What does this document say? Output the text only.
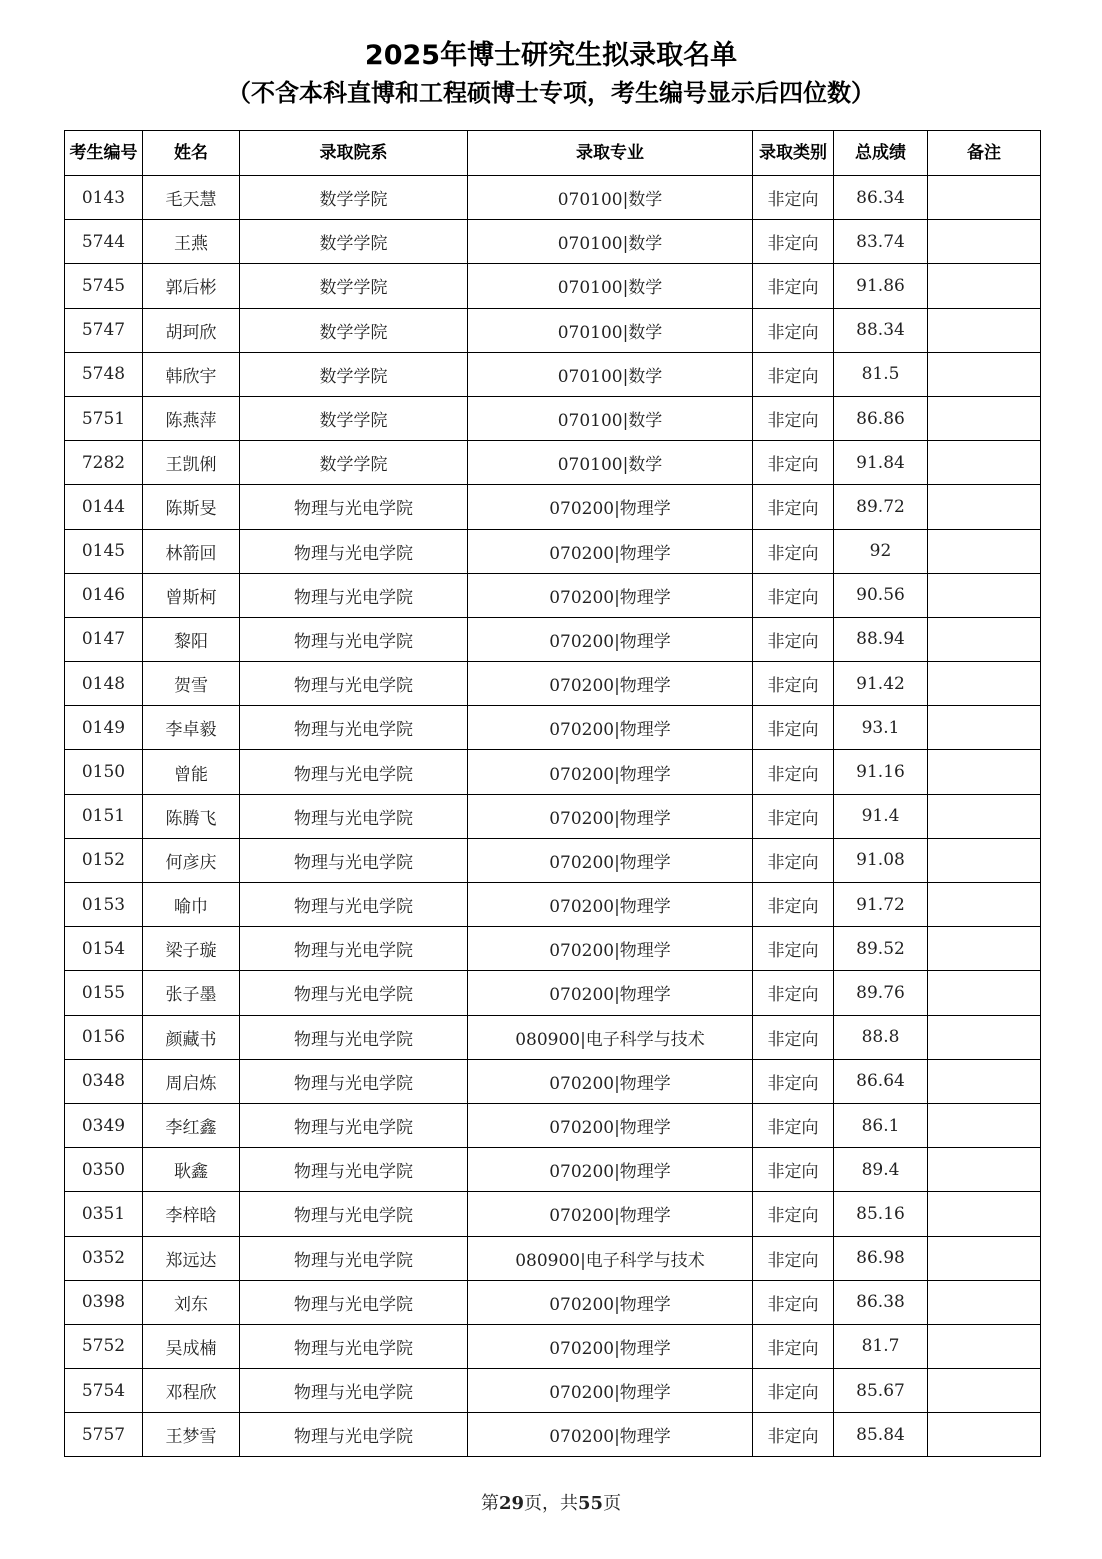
2025年博士研究生拟录取名单
（不含本科直博和工程硕博士专项，考生编号显示后四位数）
考生编号	姓名	录取院系	录取专业	录取类别	总成绩	备注
0143	毛天慧	数学学院	070100|数学	非定向	86.34	
5744	王燕	数学学院	070100|数学	非定向	83.74	
5745	郭后彬	数学学院	070100|数学	非定向	91.86	
5747	胡珂欣	数学学院	070100|数学	非定向	88.34	
5748	韩欣宇	数学学院	070100|数学	非定向	81.5	
5751	陈燕萍	数学学院	070100|数学	非定向	86.86	
7282	王凯俐	数学学院	070100|数学	非定向	91.84	
0144	陈斯旻	物理与光电学院	070200|物理学	非定向	89.72	
0145	林箭回	物理与光电学院	070200|物理学	非定向	92	
0146	曾斯柯	物理与光电学院	070200|物理学	非定向	90.56	
0147	黎阳	物理与光电学院	070200|物理学	非定向	88.94	
0148	贺雪	物理与光电学院	070200|物理学	非定向	91.42	
0149	李卓毅	物理与光电学院	070200|物理学	非定向	93.1	
0150	曾能	物理与光电学院	070200|物理学	非定向	91.16	
0151	陈腾飞	物理与光电学院	070200|物理学	非定向	91.4	
0152	何彦庆	物理与光电学院	070200|物理学	非定向	91.08	
0153	喻巾	物理与光电学院	070200|物理学	非定向	91.72	
0154	梁子璇	物理与光电学院	070200|物理学	非定向	89.52	
0155	张子墨	物理与光电学院	070200|物理学	非定向	89.76	
0156	颜藏书	物理与光电学院	080900|电子科学与技术	非定向	88.8	
0348	周启炼	物理与光电学院	070200|物理学	非定向	86.64	
0349	李红鑫	物理与光电学院	070200|物理学	非定向	86.1	
0350	耿鑫	物理与光电学院	070200|物理学	非定向	89.4	
0351	李梓晗	物理与光电学院	070200|物理学	非定向	85.16	
0352	郑远达	物理与光电学院	080900|电子科学与技术	非定向	86.98	
0398	刘东	物理与光电学院	070200|物理学	非定向	86.38	
5752	吴成楠	物理与光电学院	070200|物理学	非定向	81.7	
5754	邓程欣	物理与光电学院	070200|物理学	非定向	85.67	
5757	王梦雪	物理与光电学院	070200|物理学	非定向	85.84	
第29页，共55页
